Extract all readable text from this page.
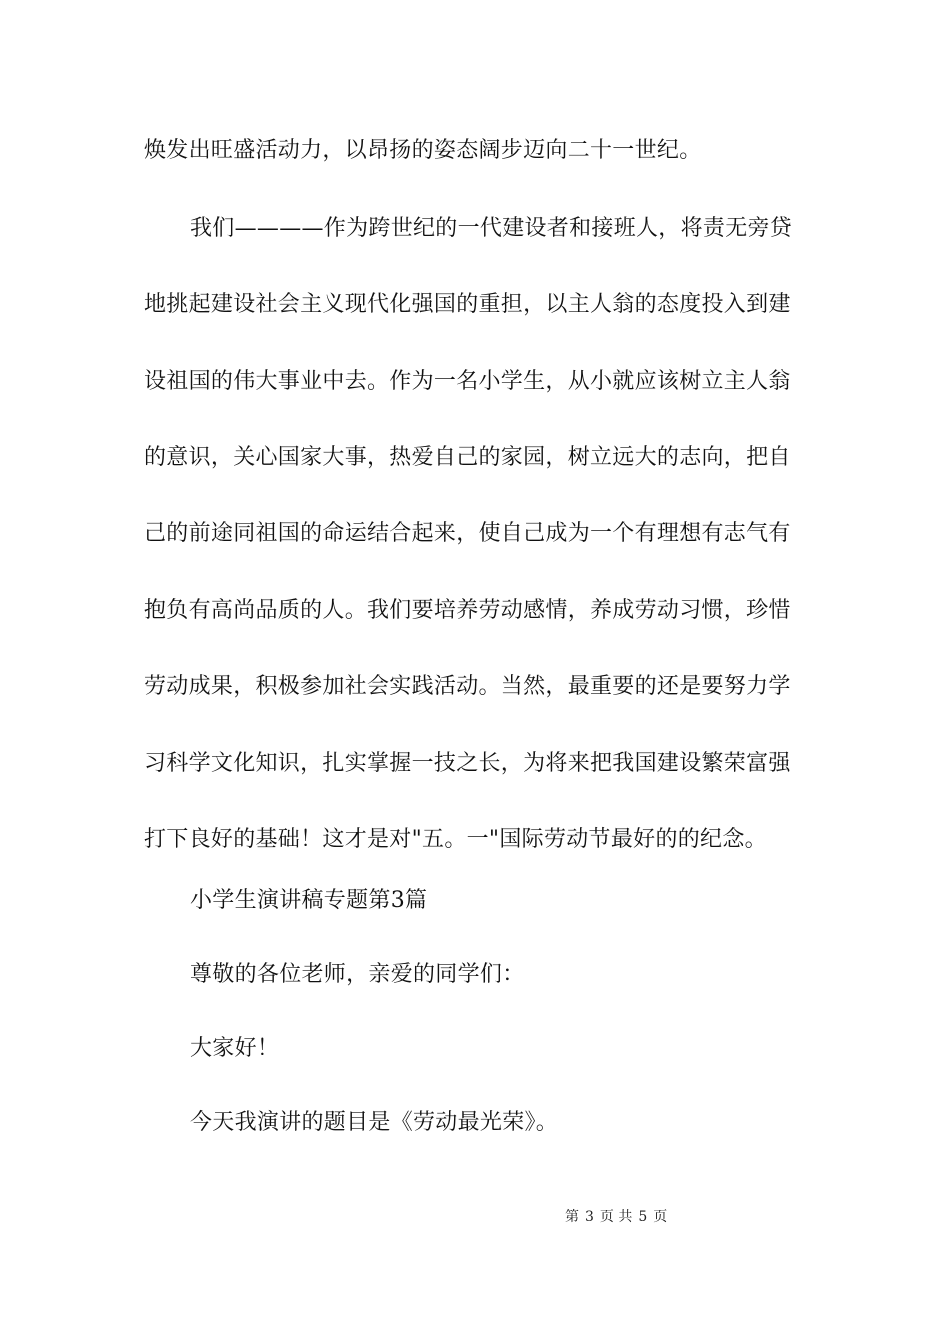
焕发出旺盛活动力，以昂扬的姿态阔步迈向二十一世纪。
我们————作为跨世纪的一代建设者和接班人，将责无旁贷
地挑起建设社会主义现代化强国的重担，以主人翁的态度投入到建
设祖国的伟大事业中去。作为一名小学生，从小就应该树立主人翁
的意识，关心国家大事，热爱自己的家园，树立远大的志向，把自
己的前途同祖国的命运结合起来，使自己成为一个有理想有志气有
抱负有高尚品质的人。我们要培养劳动感情，养成劳动习惯，珍惜
劳动成果，积极参加社会实践活动。当然，最重要的还是要努力学
习科学文化知识，扎实掌握一技之长，为将来把我国建设繁荣富强
打下良好的基础！这才是对"五。一"国际劳动节最好的的纪念。
小学生演讲稿专题第3篇
尊敬的各位老师，亲爱的同学们：
大家好！
今天我演讲的题目是《劳动最光荣》。
第 3 页 共 5 页
